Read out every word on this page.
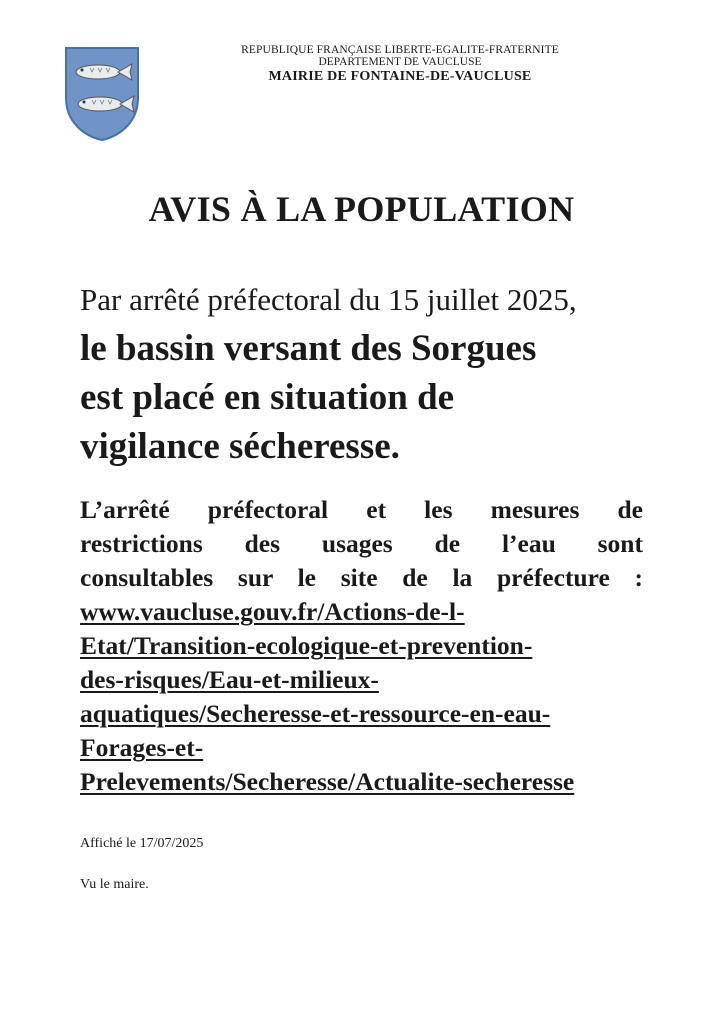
REPUBLIQUE FRANÇAISE LIBERTE-EGALITE-FRATERNITE
DEPARTEMENT DE VAUCLUSE
MAIRIE DE FONTAINE-DE-VAUCLUSE
AVIS À LA POPULATION
Par arrêté préfectoral du 15 juillet 2025,
le bassin versant des Sorgues
est placé en situation de
vigilance sécheresse.
L’arrêté préfectoral et les mesures de
restrictions des usages de l’eau sont
consultables sur le site de la préfecture :
www.vaucluse.gouv.fr/Actions-de-l-
Etat/Transition-ecologique-et-prevention-
des-risques/Eau-et-milieux-
aquatiques/Secheresse-et-ressource-en-eau-
Forages-et-
Prelevements/Secheresse/Actualite-secheresse
Affiché le 17/07/2025
Vu le maire.
